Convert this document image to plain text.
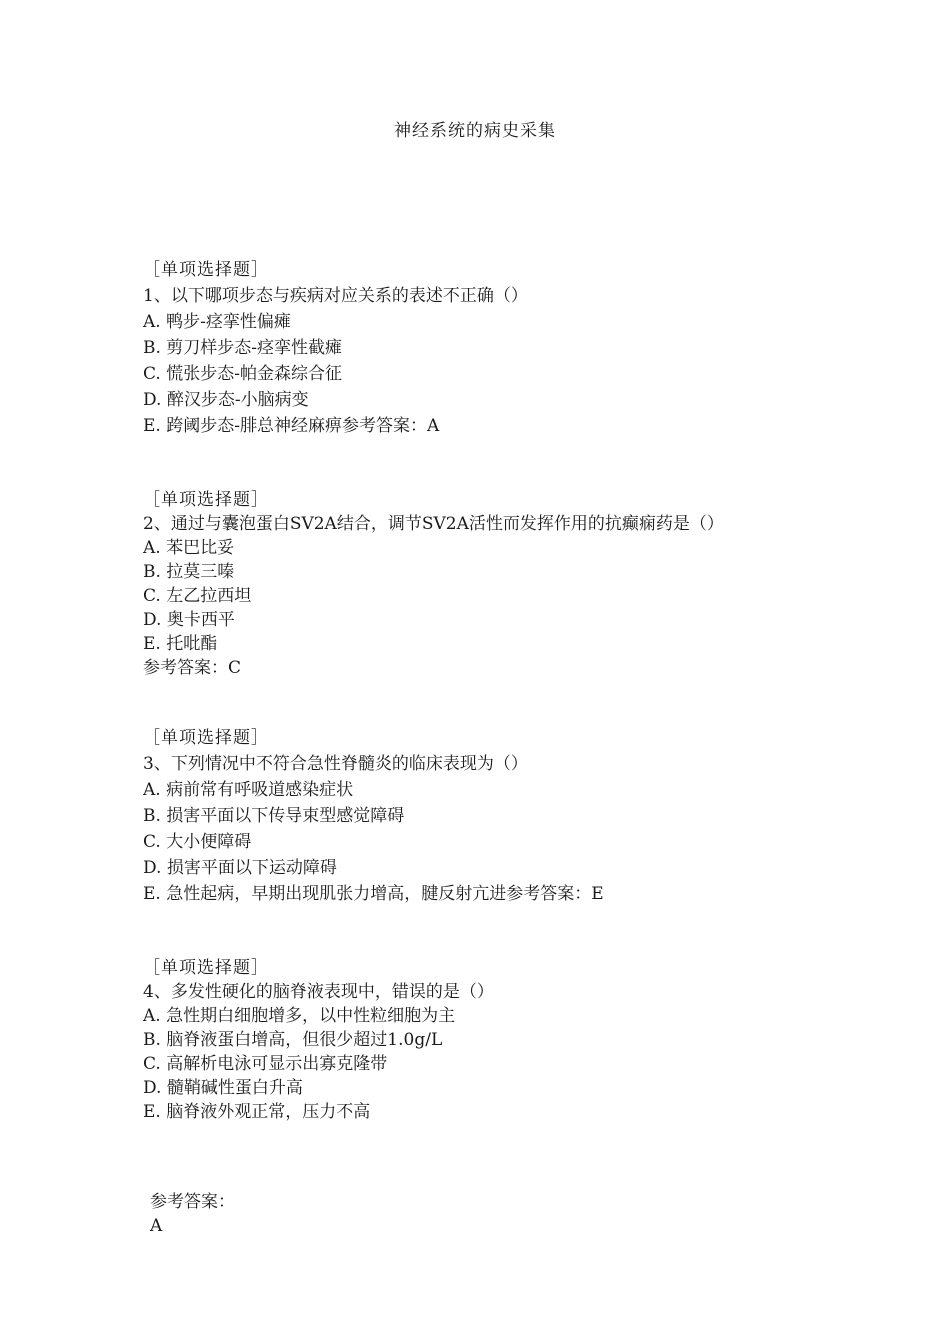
神经系统的病史采集
［单项选择题］
1、以下哪项步态与疾病对应关系的表述不正确（）
A. 鸭步-痉挛性偏瘫
B. 剪刀样步态-痉挛性截瘫
C. 慌张步态-帕金森综合征
D. 醉汉步态-小脑病变
E. 跨阈步态-腓总神经麻痹参考答案：A
［单项选择题］
2、通过与囊泡蛋白SV2A结合，调节SV2A活性而发挥作用的抗癫痫药是（）
A. 苯巴比妥
B. 拉莫三嗪
C. 左乙拉西坦
D. 奥卡西平
E. 托吡酯
参考答案：C
［单项选择题］
3、下列情况中不符合急性脊髓炎的临床表现为（）
A. 病前常有呼吸道感染症状
B. 损害平面以下传导束型感觉障碍
C. 大小便障碍
D. 损害平面以下运动障碍
E. 急性起病，早期出现肌张力增高，腱反射亢进参考答案：E
［单项选择题］
4、多发性硬化的脑脊液表现中，错误的是（）
A. 急性期白细胞增多，以中性粒细胞为主
B. 脑脊液蛋白增高，但很少超过1.0g/L
C. 高解析电泳可显示出寡克隆带
D. 髓鞘碱性蛋白升高
E. 脑脊液外观正常，压力不高
参考答案：
A
